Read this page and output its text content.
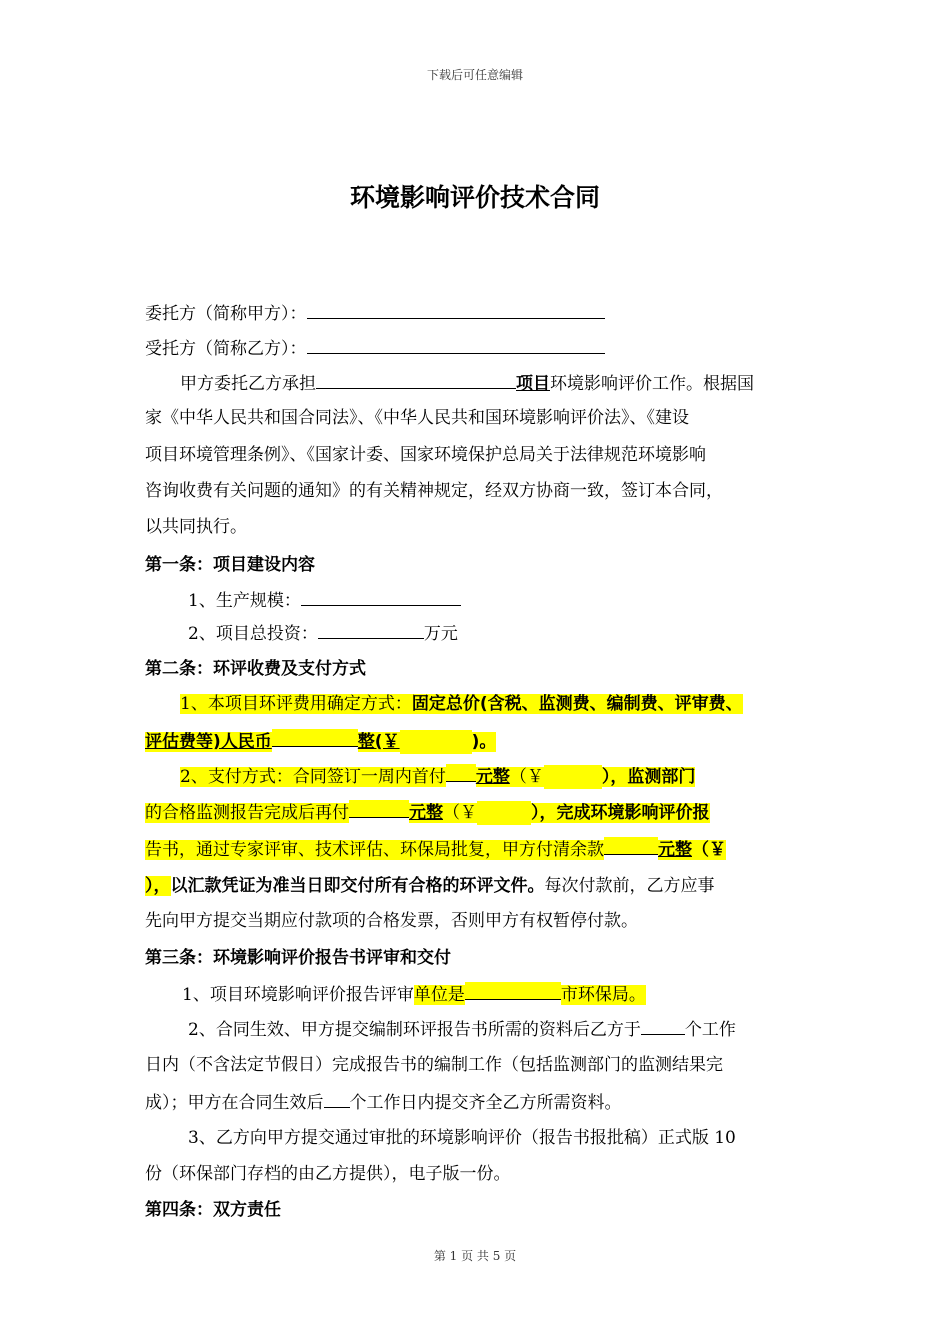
下载后可任意编辑
环境影响评价技术合同
委托方（简称甲方）：
受托方（简称乙方）：
甲方委托乙方承担	项目环境影响评价工作。根据国
家《中华人民共和国合同法》、《中华人民共和国环境影响评价法》、《建设
项目环境管理条例》、《国家计委、国家环境保护总局关于法律规范环境影响
咨询收费有关问题的通知》的有关精神规定，经双方协商一致，签订本合同，
以共同执行。
第一条：项目建设内容
1、生产规模：
2、项目总投资：	万元
第二条：环评收费及支付方式
1、本项目环评费用确定方式：固定总价(含税、监测费、编制费、评审费、
评估费等)人民币	整(￥	)。
2、支付方式：合同签订一周内首付 元整（￥	），监测部门
的合格监测报告完成后再付	元整（￥	），完成环境影响评价报
告书，通过专家评审、技术评估、环保局批复，甲方付清余款	元整（￥
），以汇款凭证为准当日即交付所有合格的环评文件。每次付款前，乙方应事
先向甲方提交当期应付款项的合格发票，否则甲方有权暂停付款。
第三条：环境影响评价报告书评审和交付
1、项目环境影响评价报告评审单位是	市环保局。
2、合同生效、甲方提交编制环评报告书所需的资料后乙方于	个工作
日内（不含法定节假日）完成报告书的编制工作（包括监测部门的监测结果完
成）；甲方在合同生效后 个工作日内提交齐全乙方所需资料。
3、乙方向甲方提交通过审批的环境影响评价（报告书报批稿）正式版 10
份（环保部门存档的由乙方提供），电子版一份。
第四条：双方责任
第 1 页 共 5 页
